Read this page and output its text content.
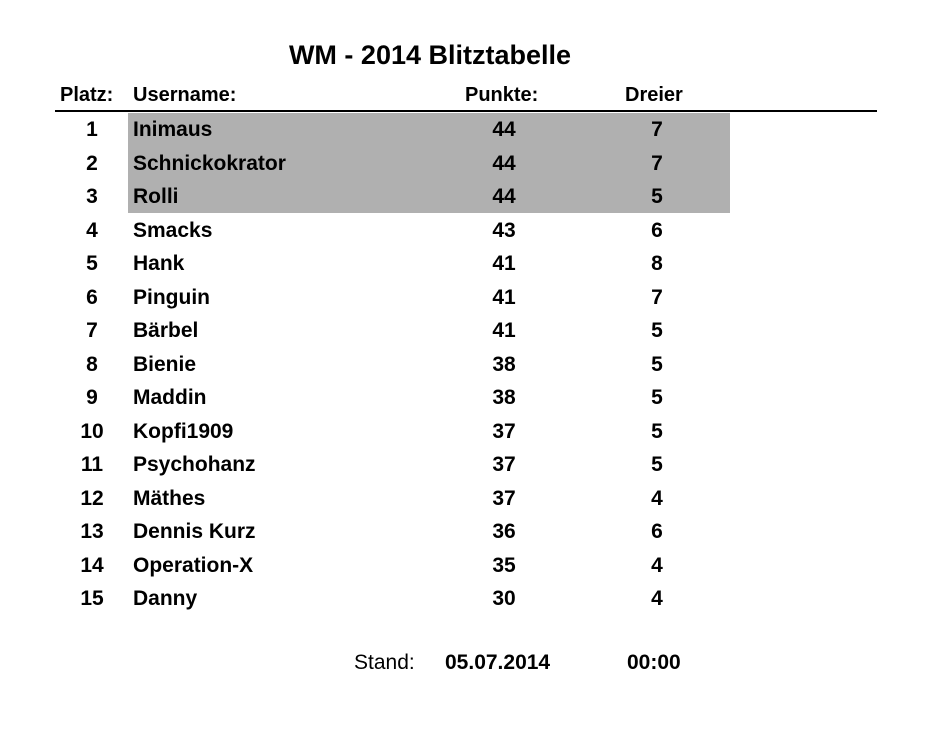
WM - 2014 Blitztabelle
Platz: Username:	Punkte:	Dreier
1	Inimaus	44	7
2	Schnickokrator	44	7
3	Rolli	44	5
4	Smacks	43	6
5	Hank	41	8
6	Pinguin	41	7
7	Bärbel	41	5
8	Bienie	38	5
9	Maddin	38	5
10	Kopfi1909	37	5
11	Psychohanz	37	5
12	Mäthes	37	4
13	Dennis Kurz	36	6
14	Operation-X	35	4
15	Danny	30	4
Stand: 05.07.2014	00:00
